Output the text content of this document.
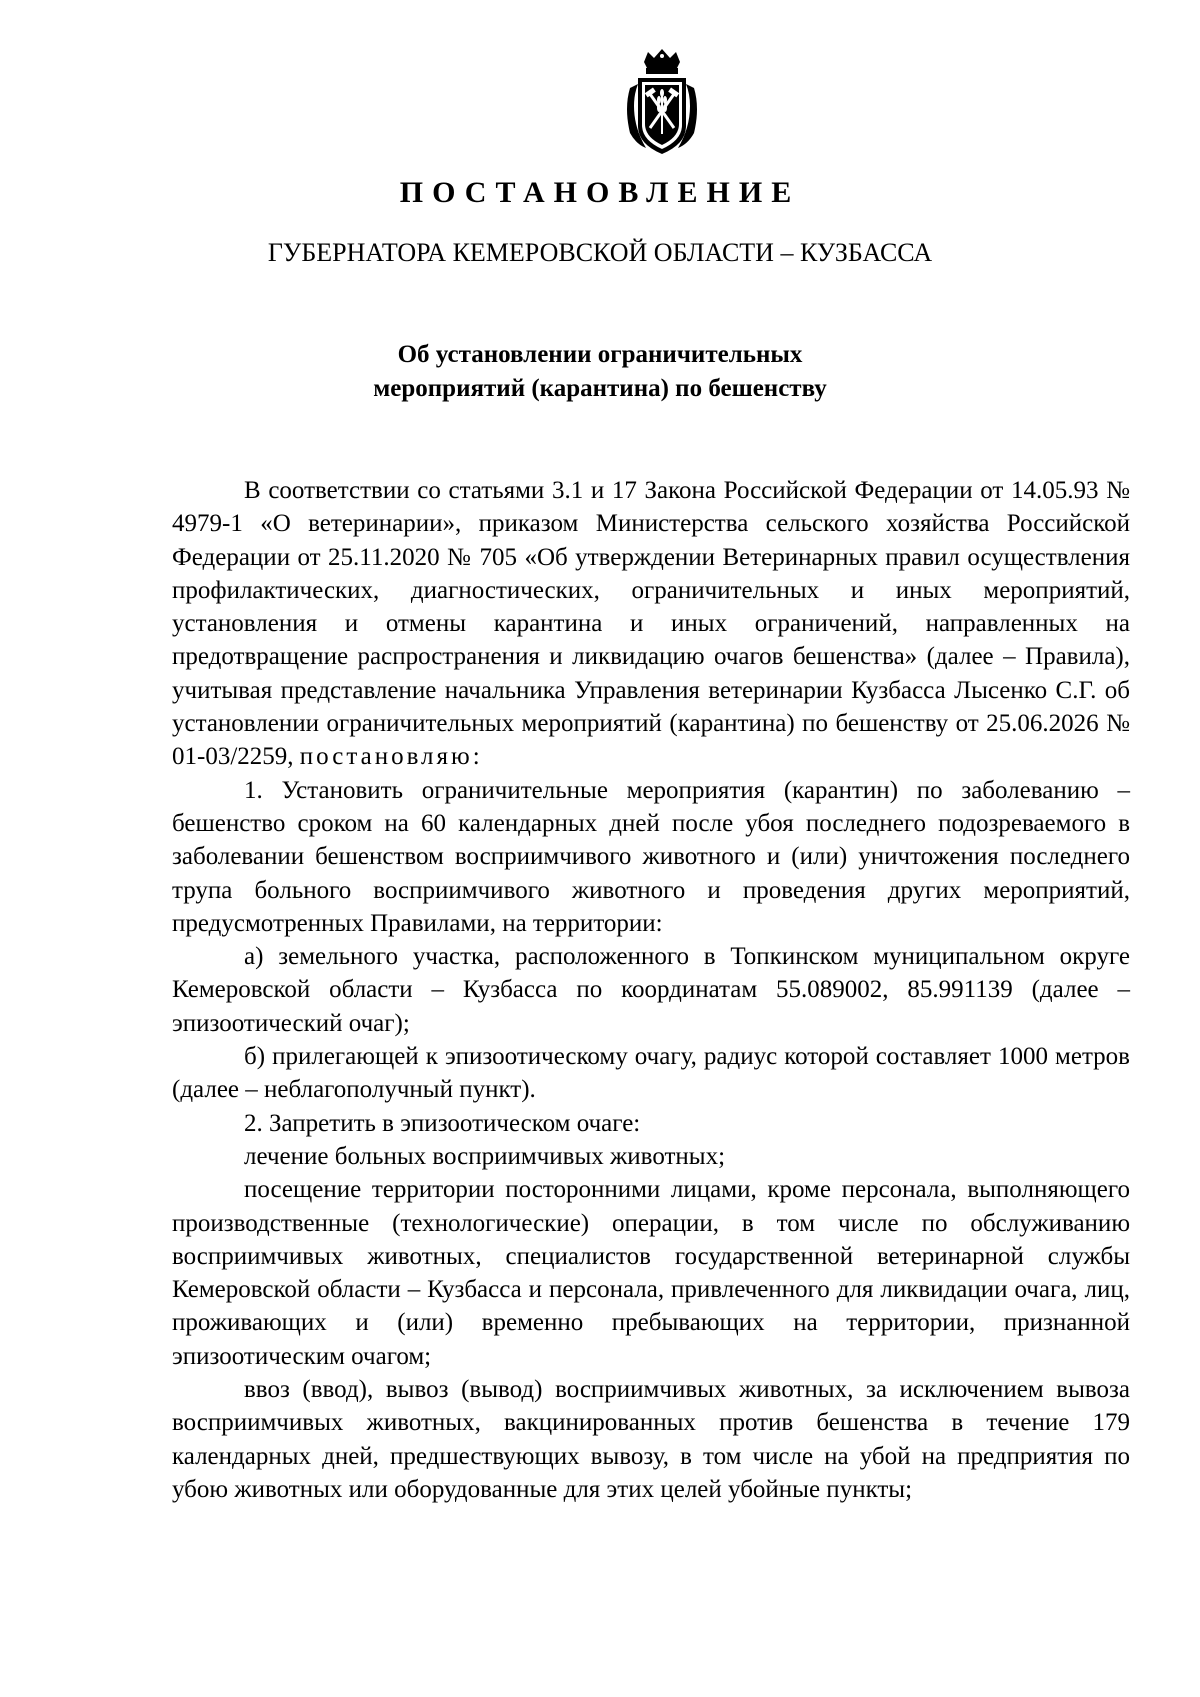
ПОСТАНОВЛЕНИЕ
ГУБЕРНАТОРА КЕМЕРОВСКОЙ ОБЛАСТИ – КУЗБАССА
Об установлении ограничительных
мероприятий (карантина) по бешенству

В соответствии со статьями 3.1 и 17 Закона Российской Федерации от 14.05.93 № 4979-1 «О ветеринарии», приказом Министерства сельского хозяйства Российской Федерации от 25.11.2020 № 705 «Об утверждении Ветеринарных правил осуществления профилактических, диагностических, ограничительных и иных мероприятий, установления и отмены карантина и иных ограничений, направленных на предотвращение распространения и ликвидацию очагов бешенства» (далее – Правила), учитывая представление начальника Управления ветеринарии Кузбасса Лысенко С.Г. об установлении ограничительных мероприятий (карантина) по бешенству от 25.06.2026 № 01-03/2259, постановляю:

1. Установить ограничительные мероприятия (карантин) по заболеванию – бешенство сроком на 60 календарных дней после убоя последнего подозреваемого в заболевании бешенством восприимчивого животного и (или) уничтожения последнего трупа больного восприимчивого животного и проведения других мероприятий, предусмотренных Правилами, на территории:

а) земельного участка, расположенного в Топкинском муниципальном округе Кемеровской области – Кузбасса по координатам 55.089002, 85.991139 (далее – эпизоотический очаг);

б) прилегающей к эпизоотическому очагу, радиус которой составляет 1000 метров (далее – неблагополучный пункт).

2. Запретить в эпизоотическом очаге:

лечение больных восприимчивых животных;

посещение территории посторонними лицами, кроме персонала, выполняющего производственные (технологические) операции, в том числе по обслуживанию восприимчивых животных, специалистов государственной ветеринарной службы Кемеровской области – Кузбасса и персонала, привлеченного для ликвидации очага, лиц, проживающих и (или) временно пребывающих на территории, признанной эпизоотическим очагом;

ввоз (ввод), вывоз (вывод) восприимчивых животных, за исключением вывоза восприимчивых животных, вакцинированных против бешенства в течение 179 календарных дней, предшествующих вывозу, в том числе на убой на предприятия по убою животных или оборудованные для этих целей убойные пункты;
